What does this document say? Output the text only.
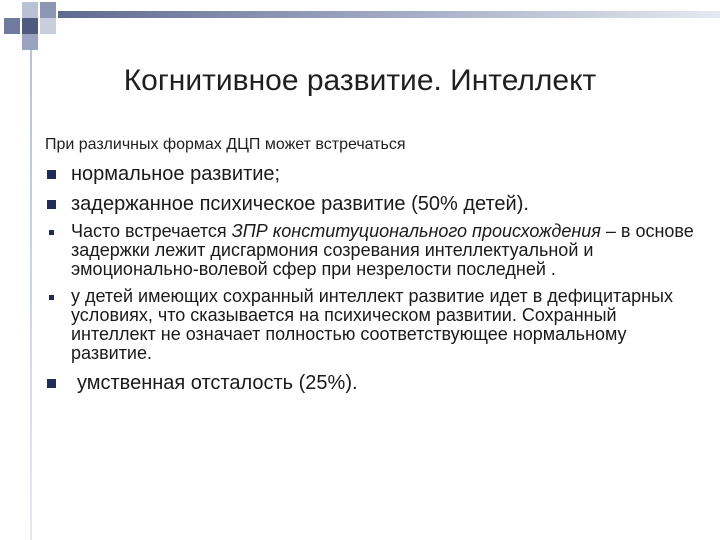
Когнитивное развитие. Интеллект
При различных формах ДЦП может встречаться
нормальное развитие;
задержанное психическое развитие (50% детей).
Часто встречается ЗПР конституционального происхождения – в основе задержки лежит дисгармония созревания интеллектуальной и эмоционально-волевой сфер при незрелости последней .
у детей имеющих сохранный интеллект развитие идет в дефицитарных условиях, что сказывается на психическом развитии. Сохранный интеллект не означает полностью соответствующее нормальному развитие.
умственная отсталость (25%).
